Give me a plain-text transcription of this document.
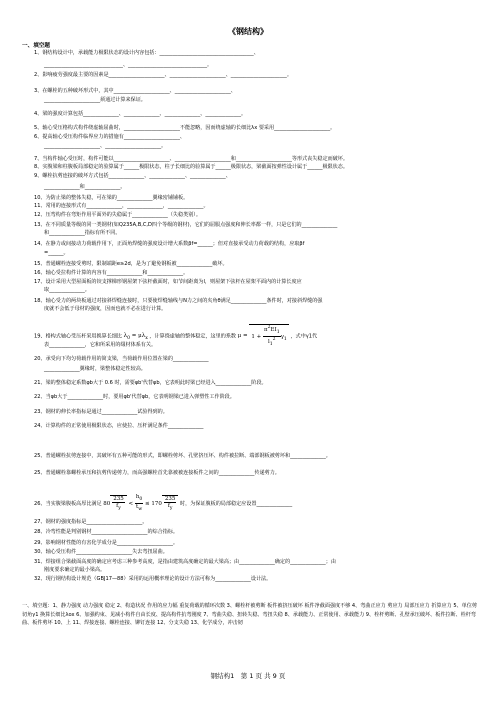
《钢结构》
一、填空题
1、钢结构设计中，承载能力极限状态的设计内容包括：_____________________________________、
_______________________________、_______________________________。
2、影响疲劳强度最主要的因素是______________________、______________________、______________________。
3、在螺栓的五种破坏形式中，其中______________________、______________________、
______________________须通过计算来保证。
4、梁的强度计算包括______________、______________、______________、______________。
5、轴心受压格构式构件绕虚轴屈曲时，______________________不能忽略，因而绕虚轴的长细比λx 要采用______________________。
6、提高轴心受压构件临界应力的措施有______________________、
______________________、______________________。
7、当构件轴心受压时，构件可能以______________________、______________________和______________________等形式丧失稳定而破坏。
8、实腹梁和柱腹板局部稳定的验算属于______极限状态，柱子长细比的验算属于______极限状态，梁截面按弹性设计属于______极限状态。
9、螺栓抗剪连接的破坏方式包括______________、______________、______________、
______________和______________。
10、为防止梁的整体失稳，可在梁的______________翼缘密铺铺板。
11、常用的连接形式有______________，______________，______________。
12、压弯构件在弯矩作用平面外的失稳属于______________（失稳类别）。
13、在不同质量等级的同一类钢材(如Q235A,B,C,D四个等级的钢材)，它们的屈服点强度和伸长率都一样，只是它们的______________
和______________指标有所不同。
14、在静力或间接动力荷载作用下，正面角焊缝的强度设计增大系数βf=______；但对直接承受动力荷载的结构，应取βf
=______。
15、普通螺栓连接受剪时，限制端距e≥2d，是为了避免钢板被______________破坏。
16、轴心受拉构件计算的内容有______________和______________。
17、设计采用大型屋面板的铰支撑梯形钢屋架下弦杆截面时，如节间距离为l，则屋架下弦杆在屋架平面内的计算长度应
取______________。
18、轴心受力的两块板通过对接斜焊缝连接时，只要使焊缝轴线与N力之间的夹角θ满足______________条件时，对接斜焊缝的强
度就不会低于母材的强度，因而也就不必在进行计算。
19、格构式轴心受压杆采用换算长细比 $\lambda_0 = \mu\lambda_x$ ，计算绕虚轴的整体稳定，这里的系数 $\mu = 1 + \frac{\pi^2EI_1}{l_1^2} \gamma_1$ ，式中γ1代
表______________，它和所采用的缀材体系有关。
20、承受向下均匀荷载作用的简支梁，当荷载作用位置在梁的______________
______________翼缘时，梁整体稳定性较高。
21、梁的整体稳定系数φb大于 0.6 时，需要φb'代替φb，它表明此时梁已经进入______________阶段。
22、当φb大于______________时，要用φb'代替φb，它表明钢梁已进入弹塑性工作阶段。
23、钢材的伸长率指标是通过______________试验得到的。
24、计算构件的正常使用极限状态，应使拉、压杆满足条件______________
25、普通螺栓抗剪连接中，其破坏有五种可能的形式，即螺栓剪坏、孔壁挤压坏、构件被拉断、端部钢板被剪坏和______________。
25、普通螺栓靠螺栓承压和抗剪传递剪力，而高强螺栓首先靠被被连接板件之间的______________传递剪力。
26、当实腹梁腹板高厚比满足 $80 \frac{235}{f_y} < \frac{h_0}{t_w} \le 170 \frac{235}{f_y}$ 时，为保证腹板的局部稳定应设置______________
27、钢材的强度指标是______________________。
28、冷弯性能是判别钢材______________________的综合指标。
29、影响钢材性能的有害化学成分是______________________。
30、轴心受压构件______________________失去弯扭屈曲。
31、焊接组合梁截面高度的确定应考虑三种参考高度，是指由建筑高度确定的最大梁高；由______________确定的______________；由
刚度要求确定的最小梁高。
32、现行钢结构设计规范（GBJ17—88）采用的运用概率理论的设计方法可称为______________设计法。
一、填空题：1、静力强度 动力强度 稳定 2、构造状况 作用的应力幅 重复荷载的循环次数 3、螺栓杆被剪断 板件被挤压破坏 板件净截面强度不够 4、弯曲正应力 剪应力 局部压应力 折算应力 5、单位剪切角γ1 换算长细比λox 6、加强约束、见减小构件自由长度、提高构件抗弯刚度 7、弯曲失稳、扭转失稳、弯扭失稳 8、承载能力、正常使用、承载能力 9、栓杆剪断、孔壁承压破坏、板件拉断、栓杆弯曲、板件剪坏 10、上 11、焊接连接、螺栓连接、铆钉连接 12、分支失稳 13、化学成分，冲击韧
钢结构1　第 1 页 共 9 页
